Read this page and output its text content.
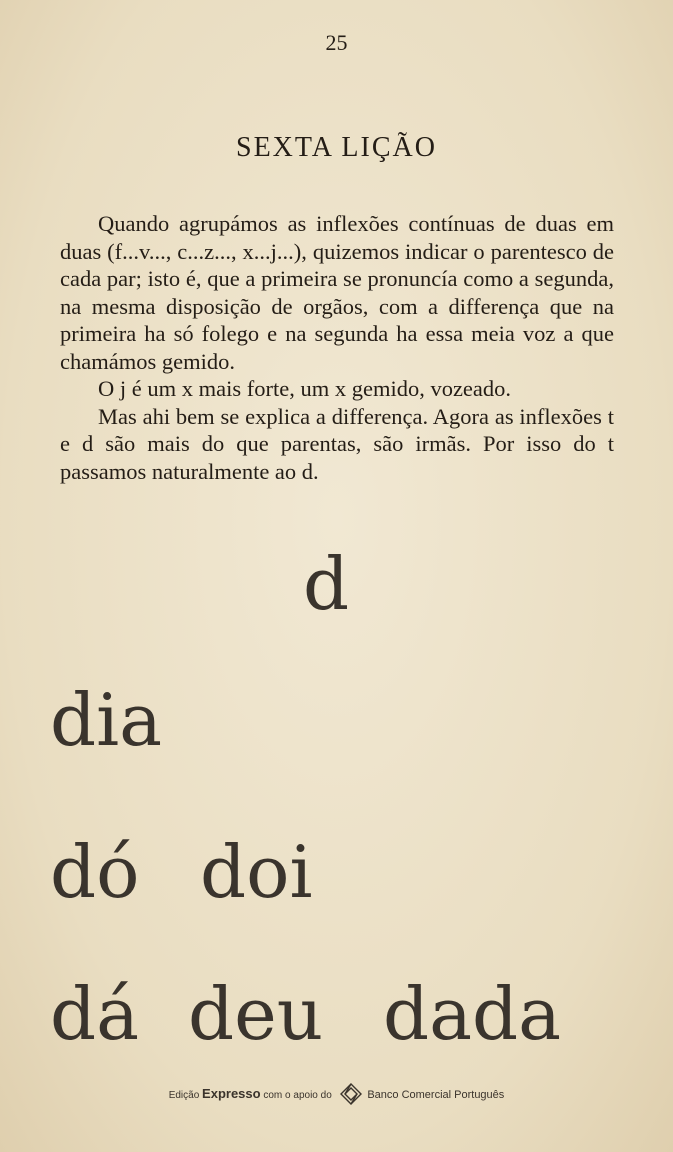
25
SEXTA LIÇÃO

Quando agrupámos as inflexões contínuas de duas em duas (f...v..., c...z..., x...j...), quizemos indicar o parentesco de cada par; isto é, que a primeira se pronuncía como a segunda, na mesma disposição de orgãos, com a differença que na primeira ha só folego e na segunda ha essa meia voz a que chamámos gemido.

O j é um x mais forte, um x gemido, vozeado.

Mas ahi bem se explica a differença. Agora as inflexões t e d são mais do que parentas, são irmãs. Por isso do t passamos naturalmente ao d.

d
dia
dó doi
dá deu dada
Edição Expresso com o apoio do	Banco Comercial Português
